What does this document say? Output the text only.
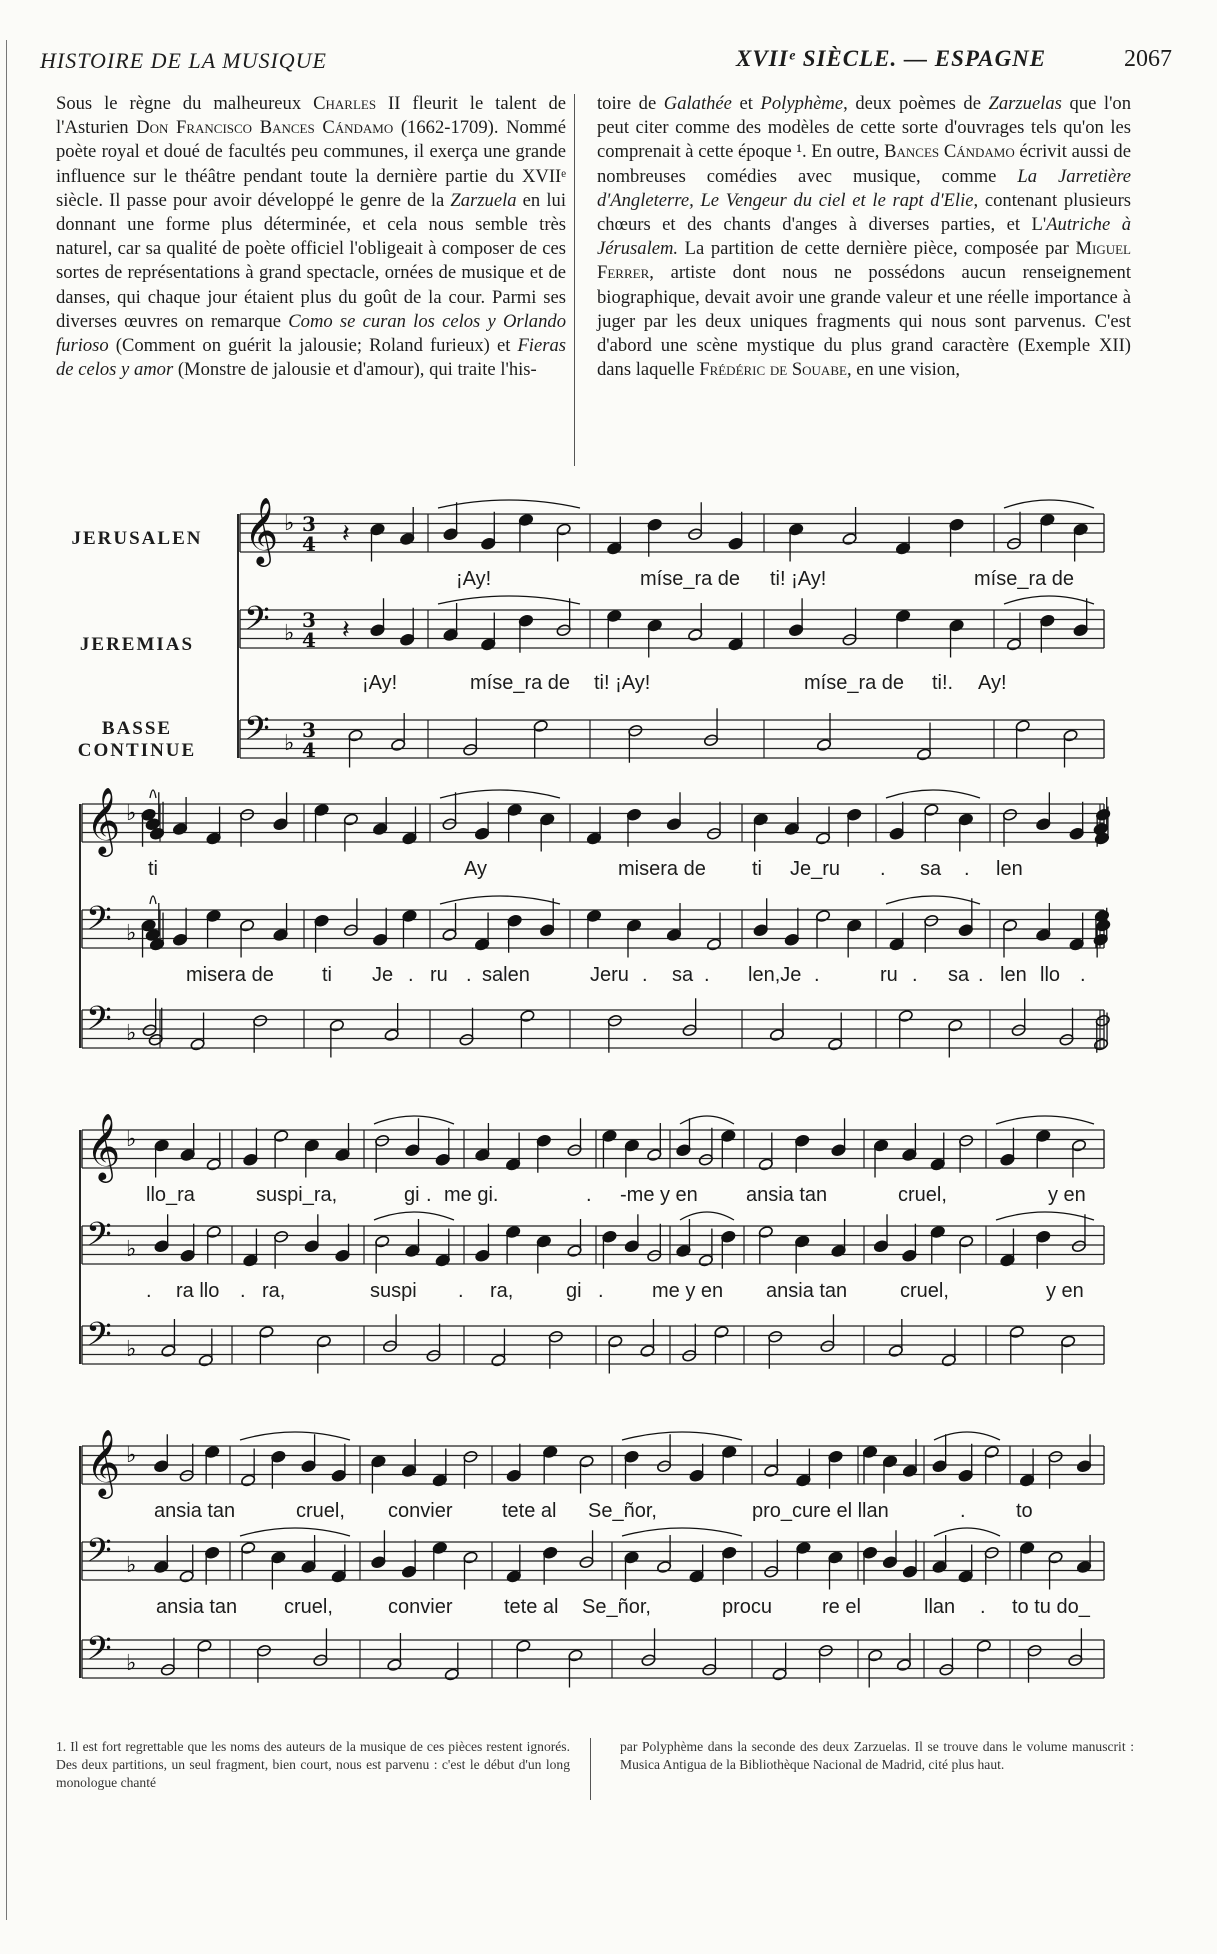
HISTOIRE DE LA MUSIQUE	XVIIᵉ SIÈCLE. — ESPAGNE	2067
Sous le règne du malheureux Charles II fleurit le talent de l'Asturien Don Francisco Bances Cándamo (1662-1709). Nommé poète royal et doué de facultés peu communes, il exerça une grande influence sur le théâtre pendant toute la dernière partie du XVIIᵉ siècle. Il passe pour avoir développé le genre de la Zarzuela en lui donnant une forme plus déterminée, et cela nous semble très naturel, car sa qualité de poète officiel l'obligeait à composer de ces sortes de représentations à grand spectacle, ornées de musique et de danses, qui chaque jour étaient plus du goût de la cour. Parmi ses diverses œuvres on remarque Como se curan los celos y Orlando furioso (Comment on guérit la jalousie; Roland furieux) et Fieras de celos y amor (Monstre de jalousie et d'amour), qui traite l'his-
toire de Galathée et Polyphème, deux poèmes de Zarzuelas que l'on peut citer comme des modèles de cette sorte d'ouvrages tels qu'on les comprenait à cette époque ¹. En outre, Bances Cándamo écrivit aussi de nombreuses comédies avec musique, comme La Jarretière d'Angleterre, Le Vengeur du ciel et le rapt d'Elie, contenant plusieurs chœurs et des chants d'anges à diverses parties, et L'Autriche à Jérusalem. La partition de cette dernière pièce, composée par Miguel Ferrer, artiste dont nous ne possédons aucun renseignement biographique, devait avoir une grande valeur et une réelle importance à juger par les deux uniques fragments qui nous sont parvenus. C'est d'abord une scène mystique du plus grand caractère (Exemple XII) dans laquelle Frédéric de Souabe, en une vision,
JERUSALEN
JEREMIAS
BASSE
CONTINUE
𝄞 ♭ 3
4
𝄢 ♭
3
4
𝄢 ♭
3
4
𝄽
𝄽
𝄞 ♭
𝄢 ♭
𝄢 ♭
𝄞 ♭
𝄢 ♭
𝄢 ♭
𝄞 ♭
𝄢 ♭
𝄢 ♭
¡Ay!	míse_ra de ti! ¡Ay!	míse_ra de
¡Ay!	míse_ra de ti! ¡Ay!	míse_ra de ti!. Ay!
ti	Ay	misera de ti Je_ru . sa . len
misera de ti Je . ru . salen	Jeru . sa . len,Je .	ru . sa . len llo .
llo_ra	suspi_ra,	gi . me gi.	. -me y en ansia tan	cruel,	y en
. ra llo . ra,	suspi . ra,	gi . me y en ansia tan	cruel,	y en
ansia tan	cruel, convier tete al Se_ñor,	pro_cure el llan	.	to
ansia tan cruel,	convier	tete al Se_ñor,	procu re el	llan . to tu do_
1. Il est fort regrettable que les noms des auteurs de la musique de ces pièces restent ignorés. Des deux partitions, un seul fragment, bien court, nous est parvenu : c'est le début d'un long monologue chanté
par Polyphème dans la seconde des deux Zarzuelas. Il se trouve dans le volume manuscrit : Musica Antigua de la Bibliothèque Nacional de Madrid, cité plus haut.
